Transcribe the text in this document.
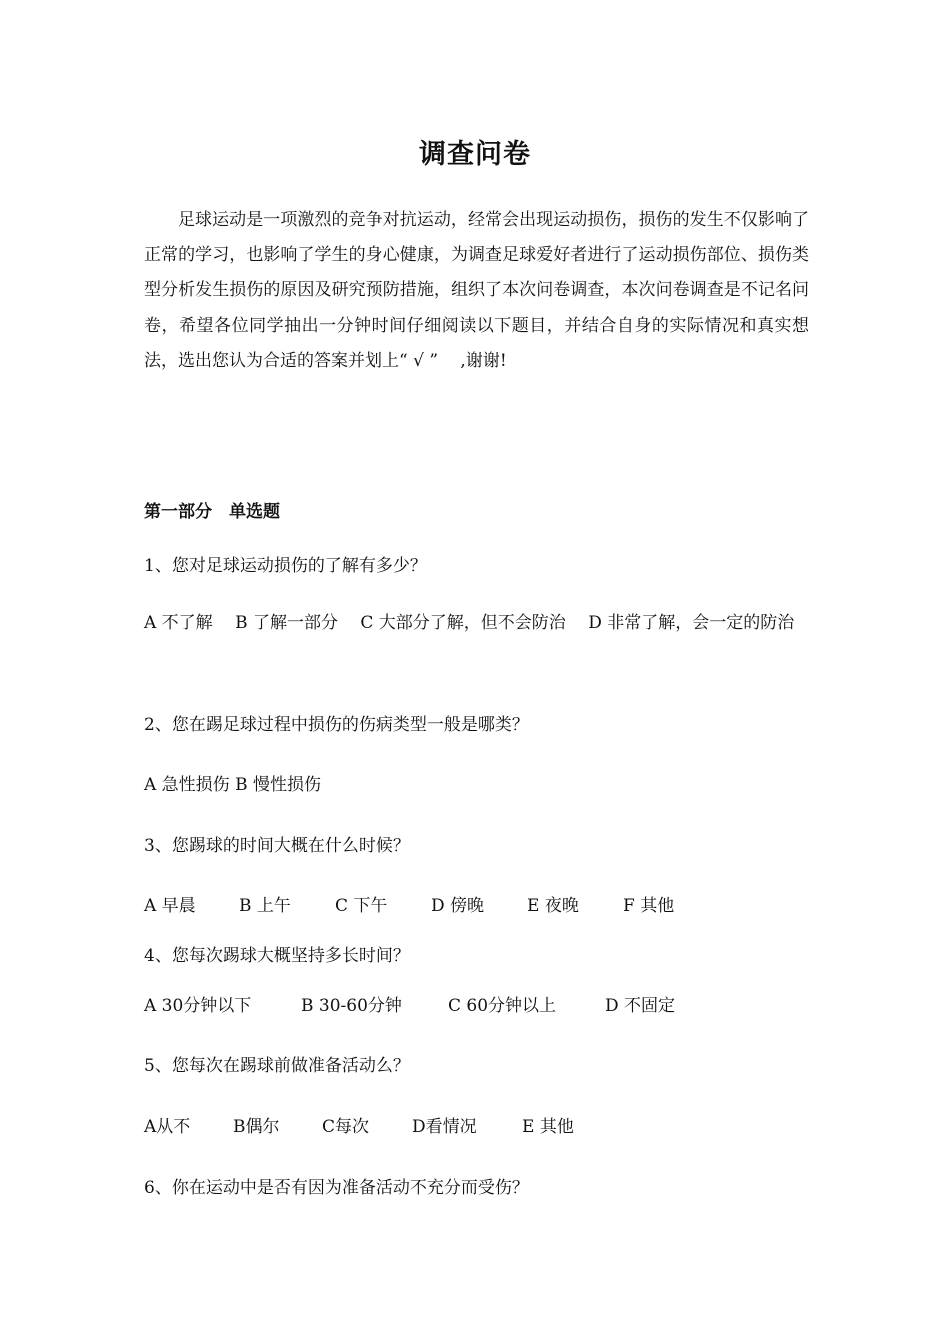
调查问卷

足球运动是一项激烈的竞争对抗运动，经常会出现运动损伤，损伤的发生不仅影响了正常的学习，也影响了学生的身心健康，为调查足球爱好者进行了运动损伤部位、损伤类型分析发生损伤的原因及研究预防措施，组织了本次问卷调查，本次问卷调查是不记名问卷，希望各位同学抽出一分钟时间仔细阅读以下题目，并结合自身的实际情况和真实想法，选出您认为合适的答案并划上“ √ ”　 ,谢谢!

第一部分　单选题
1、您对足球运动损伤的了解有多少？
A 不了解　 B 了解一部分　 C 大部分了解，但不会防治　 D 非常了解，会一定的防治
2、您在踢足球过程中损伤的伤病类型一般是哪类？
A 急性损伤 B 慢性损伤
3、您踢球的时间大概在什么时候？
A 早晨	B 上午	C 下午	D 傍晚	E 夜晚	F 其他
4、您每次踢球大概坚持多长时间？
A 30分钟以下	B 30-60分钟	C 60分钟以上	D 不固定
5、您每次在踢球前做准备活动么？
A从不	B偶尔	C每次	D看情况	E 其他
6、你在运动中是否有因为准备活动不充分而受伤？
